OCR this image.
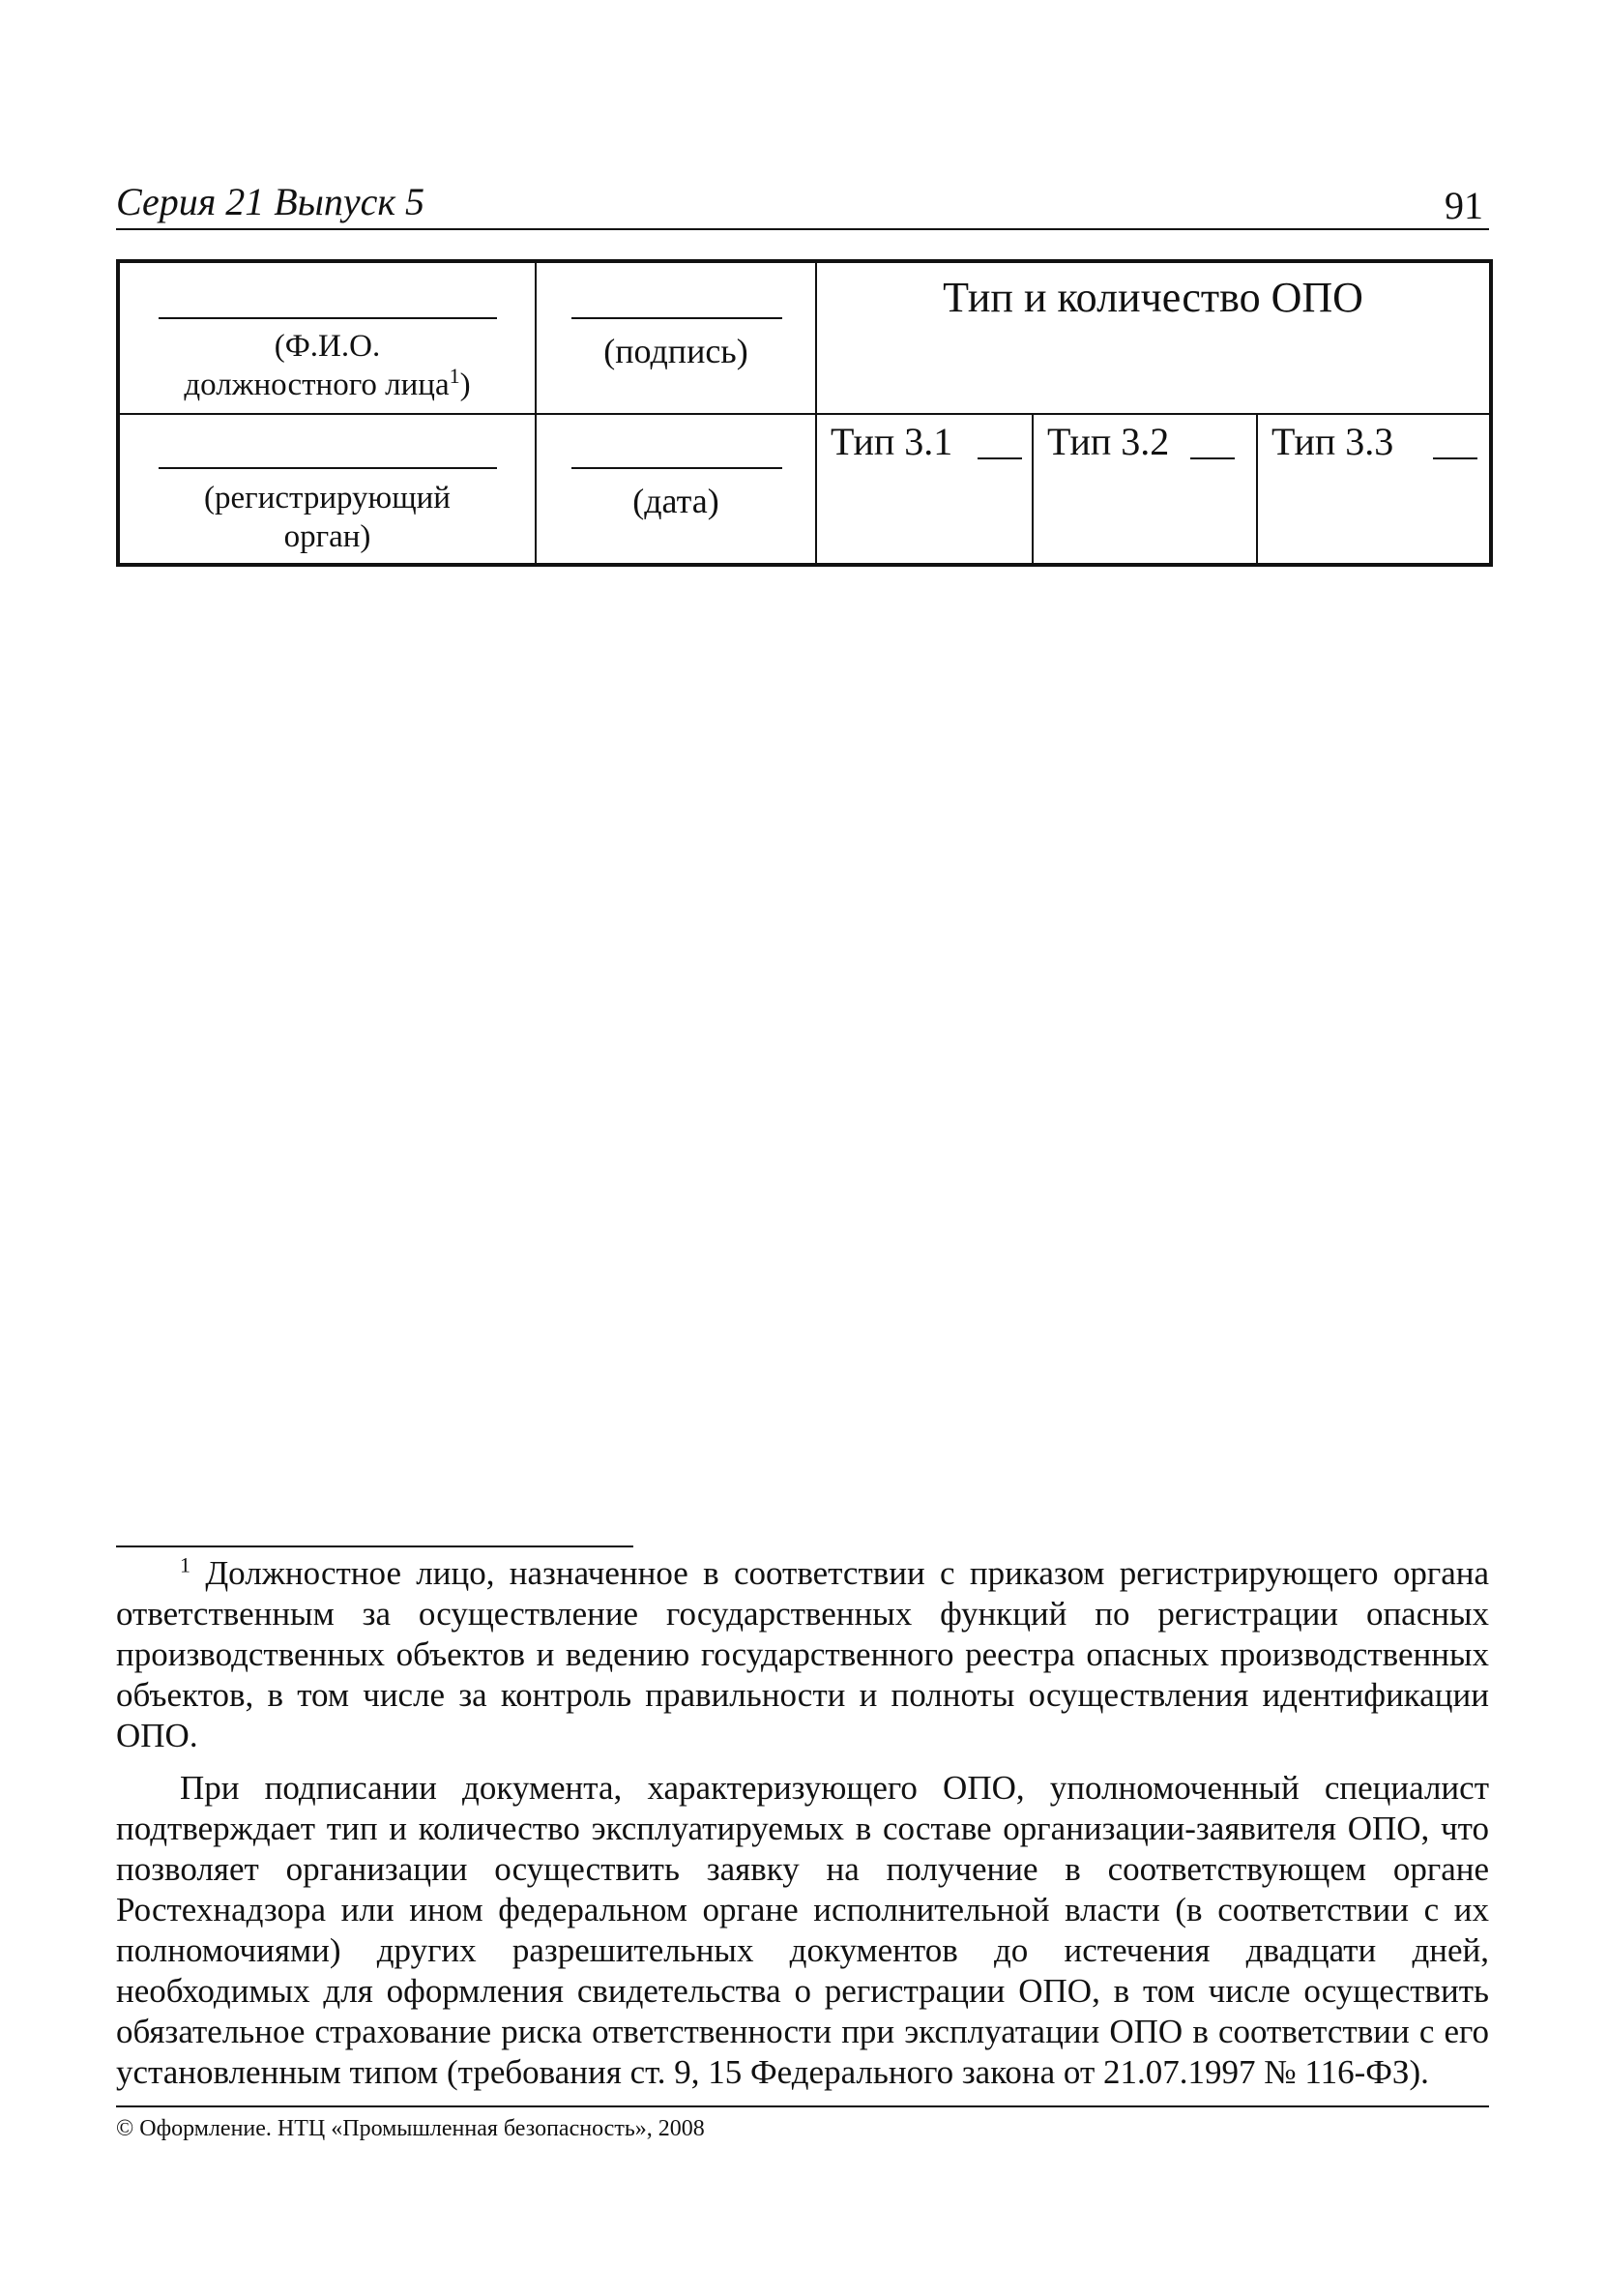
Серия 21 Выпуск 5	91
(Ф.И.О.
должностного лица$^1$)	(подпись)	Тип и количество ОПО		

(регистрирующий
орган)	(дата)	Тип 3.1	Тип 3.2	Тип 3.3

$^1$ Должностное лицо, назначенное в соответствии с приказом регистрирующего органа ответственным за осуществление государственных функций по регистрации опасных производственных объектов и ведению государственного реестра опасных производственных объектов, в том числе за контроль правильности и полноты осуществления идентификации ОПО.

При подписании документа, характеризующего ОПО, уполномоченный специалист подтверждает тип и количество эксплуатируемых в составе организации-заявителя ОПО, что позволяет организации осуществить заявку на получение в соответствующем органе Ростехнадзора или ином федеральном органе исполнительной власти (в соответствии с их полномочиями) других разрешительных документов до истечения двадцати дней, необходимых для оформления свидетельства о регистрации ОПО, в том числе осуществить обязательное страхование риска ответственности при эксплуатации ОПО в соответствии с его установленным типом (требования ст. 9, 15 Федерального закона от 21.07.1997 № 116-ФЗ).

© Оформление. НТЦ «Промышленная безопасность», 2008
